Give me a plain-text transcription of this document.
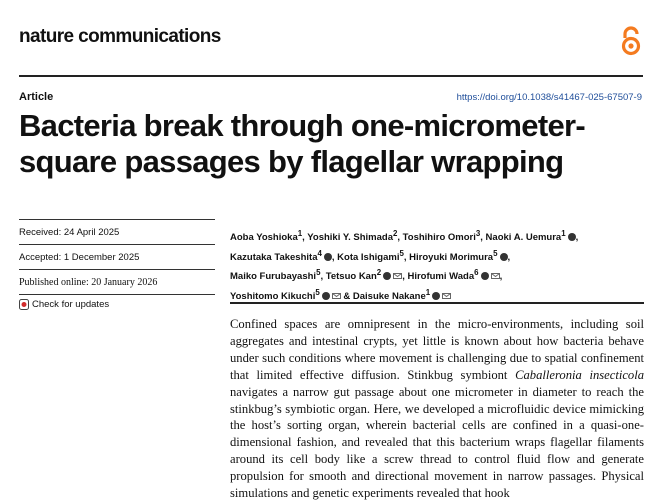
nature communications
Article	https://doi.org/10.1038/s41467-025-67507-9
Bacteria break through one-micrometer-square passages by flagellar wrapping
Received: 24 April 2025
Accepted: 1 December 2025
Published online: 20 January 2026
Check for updates
Aoba Yoshioka$^1$, Yoshiki Y. Shimada$^2$, Toshihiro Omori$^3$, Naoki A. Uemura$^1$ ,
Kazutaka Takeshita$^4$ , Kota Ishigami$^5$, Hiroyuki Morimura$^5$ ,
Maiko Furubayashi$^5$, Tetsuo Kan$^2$ , Hirofumi Wada$^6$ ,
Yoshitomo Kikuchi$^5$ & Daisuke Nakane$^1$

Confined spaces are omnipresent in the micro-environments, including soil aggregates and intestinal crypts, yet little is known about how bacteria behave under such conditions where movement is challenging due to spatial confinement that limited effective diffusion. Stinkbug symbiont Caballeronia insecticola navigates a narrow gut passage about one micrometer in diameter to reach the stinkbug’s symbiotic organ. Here, we developed a microfluidic device mimicking the host’s sorting organ, wherein bacterial cells are confined in a quasi-one-dimensional fashion, and revealed that this bacterium wraps flagellar filaments around its cell body like a screw thread to control fluid flow and generate propulsion for smooth and directional movement in narrow passages. Physical simulations and genetic experiments revealed that hook
